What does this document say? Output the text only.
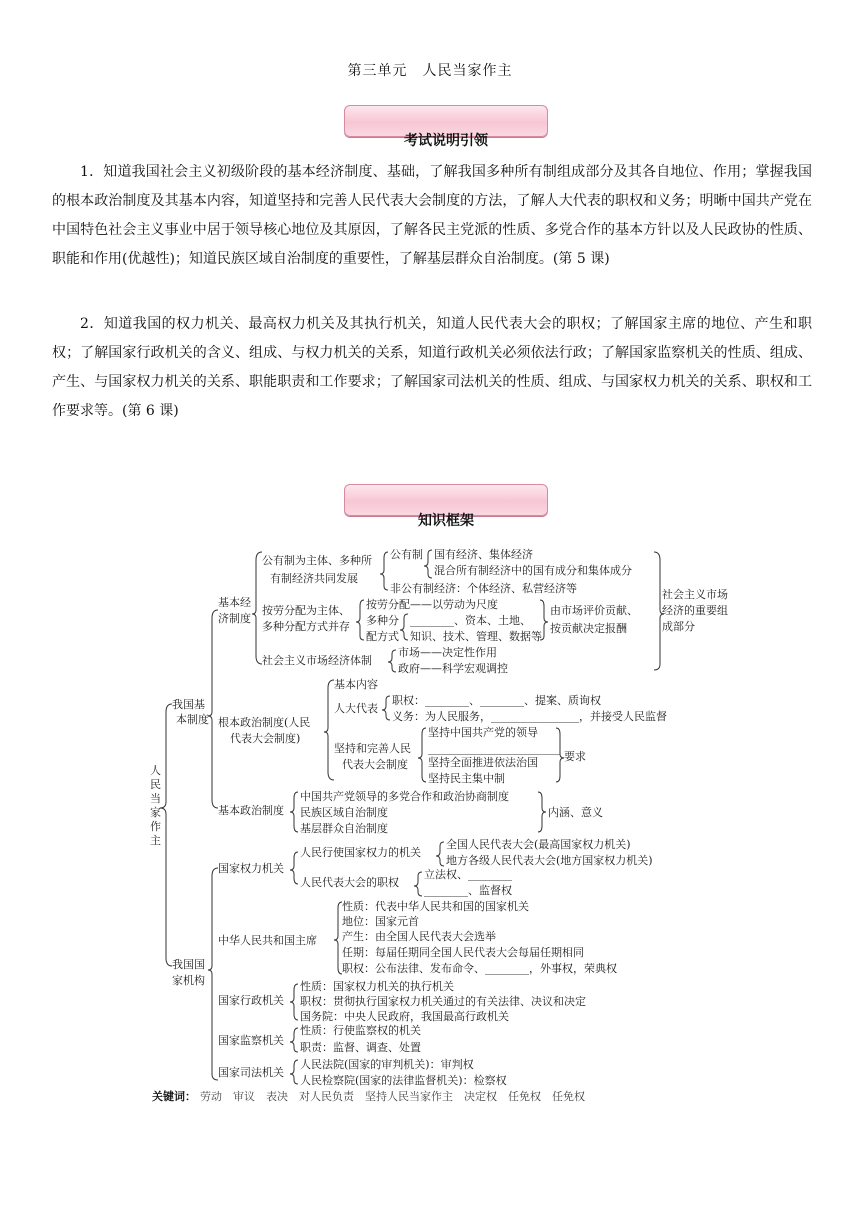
第三单元　人民当家作主
考试说明引领
1．知道我国社会主义初级阶段的基本经济制度、基础，了解我国多种所有制组成部分及其各自地位、作用；掌握我国的根本政治制度及其基本内容，知道坚持和完善人民代表大会制度的方法，了解人大代表的职权和义务；明晰中国共产党在中国特色社会主义事业中居于领导核心地位及其原因，了解各民主党派的性质、多党合作的基本方针以及人民政协的性质、职能和作用(优越性)；知道民族区域自治制度的重要性，了解基层群众自治制度。(第 5 课)
2．知道我国的权力机关、最高权力机关及其执行机关，知道人民代表大会的职权；了解国家主席的地位、产生和职权；了解国家行政机关的含义、组成、与权力机关的关系，知道行政机关必须依法行政；了解国家监察机关的性质、组成、产生、与国家权力机关的关系、职能职责和工作要求；了解国家司法机关的性质、组成、与国家权力机关的关系、职权和工作要求等。(第 6 课)
知识框架
人民当家作主
我国基
本制度
基本经
济制度
公有制为主体、多种所
有制经济共同发展
公有制 国有经济、集体经济
混合所有制经济中的国有成分和集体成分
非公有制经济：个体经济、私营经济等	社会主义市场
经济的重要组
成部分
按劳分配为主体、
多种分配方式并存
按劳分配——以劳动为尺度
多种分
配方式
________、资本、土地、
知识、技术、管理、数据等
由市场评价贡献、
按贡献决定报酬
社会主义市场经济体制
市场——决定性作用
政府——科学宏观调控
根本政治制度(人民
代表大会制度)
基本内容
人大代表
职权：________、________、提案、质询权
义务：为人民服务，________________，并接受人民监督
坚持和完善人民
代表大会制度
坚持中国共产党的领导
________________________
坚持全面推进依法治国
坚持民主集中制
要求
基本政治制度
中国共产党领导的多党合作和政治协商制度
民族区域自治制度
基层群众自治制度
内涵、意义
我国国
家机构
国家权力机关
人民行使国家权力的机关
全国人民代表大会(最高国家权力机关)
地方各级人民代表大会(地方国家权力机关)
人民代表大会的职权
立法权、________
________、监督权
中华人民共和国主席
性质：代表中华人民共和国的国家机关
地位：国家元首
产生：由全国人民代表大会选举
任期：每届任期同全国人民代表大会每届任期相同
职权：公布法律、发布命令、________，外事权，荣典权
国家行政机关
性质：国家权力机关的执行机关
职权：贯彻执行国家权力机关通过的有关法律、决议和决定
国务院：中央人民政府，我国最高行政机关
国家监察机关
性质：行使监察权的机关
职责：监督、调查、处置
国家司法机关
人民法院(国家的审判机关)：审判权
人民检察院(国家的法律监督机关)：检察权
关键词： 劳动　审议　表决　对人民负责　坚持人民当家作主　决定权　任免权　任免权
